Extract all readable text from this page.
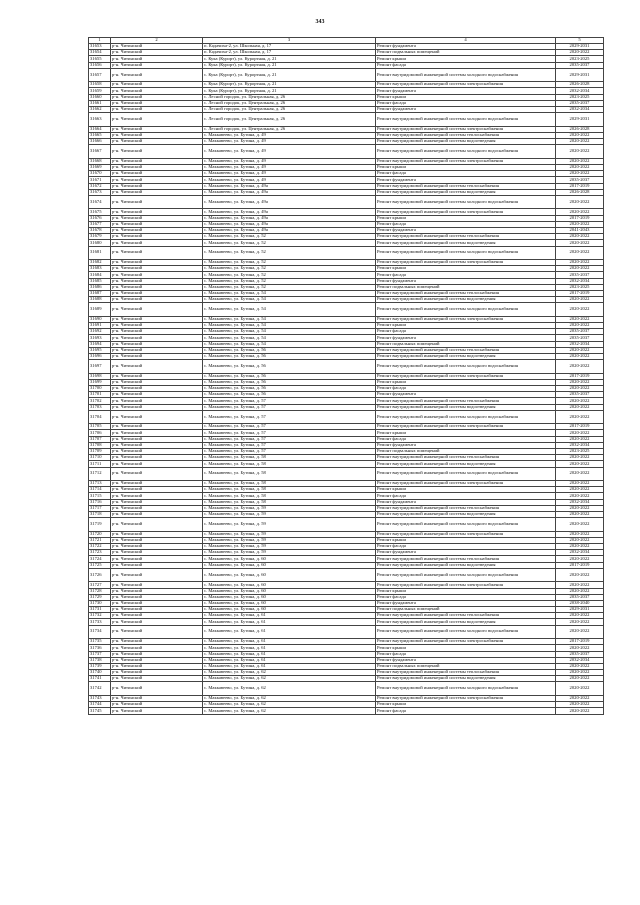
343
1	2	3	4	5
31653	р-н. Читинский	п. Кадачиха-2, ул. Школьная, д. 17	Ремонт фундамента	2029-2031
31654	р-н. Читинский	п. Кадачиха-2, ул. Школьная, д. 17	Ремонт подвальных помещений	2020-2022
31655	р-н. Читинский	с. Кука (Курорт), ул. Курортная, д. 21	Ремонт крыши	2023-2025
31656	р-н. Читинский	с. Кука (Курорт), ул. Курортная, д. 21	Ремонт фасада	2035-2037
31657	р-н. Читинский	с. Кука (Курорт), ул. Курортная, д. 21	Ремонт внутридомовой инженерной системы холодного водоснабжения	2029-2031
31658	р-н. Читинский	с. Кука (Курорт), ул. Курортная, д. 21	Ремонт внутридомовой инженерной системы электроснабжения	2026-2028
31659	р-н. Читинский	с. Кука (Курорт), ул. Курортная, д. 21	Ремонт фундамента	2032-2034
31660	р-н. Читинский	с. Лесной городок, ул. Центральная, д. 26	Ремонт крыши	2023-2025
31661	р-н. Читинский	с. Лесной городок, ул. Центральная, д. 26	Ремонт фасада	2035-2037
31662	р-н. Читинский	с. Лесной городок, ул. Центральная, д. 26	Ремонт фундамента	2032-2034
31663	р-н. Читинский	с. Лесной городок, ул. Центральная, д. 26	Ремонт внутридомовой инженерной системы холодного водоснабжения	2029-2031
31664	р-н. Читинский	с. Лесной городок, ул. Центральная, д. 26	Ремонт внутридомовой инженерной системы электроснабжения	2026-2028
31665	р-н. Читинский	с. Маккавеево, ул. Бутина, д. 49	Ремонт внутридомовой инженерной системы теплоснабжения	2020-2022
31666	р-н. Читинский	с. Маккавеево, ул. Бутина, д. 49	Ремонт внутридомовой инженерной системы водоотведения	2020-2022
31667	р-н. Читинский	с. Маккавеево, ул. Бутина, д. 49	Ремонт внутридомовой инженерной системы холодного водоснабжения	2020-2022
31668	р-н. Читинский	с. Маккавеево, ул. Бутина, д. 49	Ремонт внутридомовой инженерной системы электроснабжения	2020-2022
31669	р-н. Читинский	с. Маккавеево, ул. Бутина, д. 49	Ремонт крыши	2020-2022
31670	р-н. Читинский	с. Маккавеево, ул. Бутина, д. 49	Ремонт фасада	2020-2022
31671	р-н. Читинский	с. Маккавеево, ул. Бутина, д. 49	Ремонт фундамента	2035-2037
31672	р-н. Читинский	с. Маккавеево, ул. Бутина, д. 49а	Ремонт внутридомовой инженерной системы теплоснабжения	2017-2019
31673	р-н. Читинский	с. Маккавеево, ул. Бутина, д. 49а	Ремонт внутридомовой инженерной системы водоотведения	2026-2028
31674	р-н. Читинский	с. Маккавеево, ул. Бутина, д. 49а	Ремонт внутридомовой инженерной системы холодного водоснабжения	2020-2022
31675	р-н. Читинский	с. Маккавеево, ул. Бутина, д. 49а	Ремонт внутридомовой инженерной системы электроснабжения	2020-2022
31676	р-н. Читинский	с. Маккавеево, ул. Бутина, д. 49а	Ремонт крыши	2017-2019
31677	р-н. Читинский	с. Маккавеево, ул. Бутина, д. 49а	Ремонт фасада	2020-2022
31678	р-н. Читинский	с. Маккавеево, ул. Бутина, д. 49а	Ремонт фундамента	2041-2043
31679	р-н. Читинский	с. Маккавеево, ул. Бутина, д. 52	Ремонт внутридомовой инженерной системы теплоснабжения	2020-2022
31680	р-н. Читинский	с. Маккавеево, ул. Бутина, д. 52	Ремонт внутридомовой инженерной системы водоотведения	2020-2022
31681	р-н. Читинский	с. Маккавеево, ул. Бутина, д. 52	Ремонт внутридомовой инженерной системы холодного водоснабжения	2020-2022
31682	р-н. Читинский	с. Маккавеево, ул. Бутина, д. 52	Ремонт внутридомовой инженерной системы электроснабжения	2020-2022
31683	р-н. Читинский	с. Маккавеево, ул. Бутина, д. 52	Ремонт крыши	2020-2022
31684	р-н. Читинский	с. Маккавеево, ул. Бутина, д. 52	Ремонт фасада	2035-2037
31685	р-н. Читинский	с. Маккавеево, ул. Бутина, д. 52	Ремонт фундамента	2032-2034
31686	р-н. Читинский	с. Маккавеево, ул. Бутина, д. 52	Ремонт подвальных помещений	2023-2025
31687	р-н. Читинский	с. Маккавеево, ул. Бутина, д. 54	Ремонт внутридомовой инженерной системы теплоснабжения	2017-2019
31688	р-н. Читинский	с. Маккавеево, ул. Бутина, д. 54	Ремонт внутридомовой инженерной системы водоотведения	2020-2022
31689	р-н. Читинский	с. Маккавеево, ул. Бутина, д. 54	Ремонт внутридомовой инженерной системы холодного водоснабжения	2020-2022
31690	р-н. Читинский	с. Маккавеево, ул. Бутина, д. 54	Ремонт внутридомовой инженерной системы электроснабжения	2020-2022
31691	р-н. Читинский	с. Маккавеево, ул. Бутина, д. 54	Ремонт крыши	2020-2022
31692	р-н. Читинский	с. Маккавеево, ул. Бутина, д. 54	Ремонт фасада	2035-2037
31693	р-н. Читинский	с. Маккавеево, ул. Бутина, д. 54	Ремонт фундамента	2035-2037
31694	р-н. Читинский	с. Маккавеево, ул. Бутина, д. 54	Ремонт подвальных помещений	2032-2034
31695	р-н. Читинский	с. Маккавеево, ул. Бутина, д. 56	Ремонт внутридомовой инженерной системы теплоснабжения	2020-2022
31696	р-н. Читинский	с. Маккавеево, ул. Бутина, д. 56	Ремонт внутридомовой инженерной системы водоотведения	2020-2022
31697	р-н. Читинский	с. Маккавеево, ул. Бутина, д. 56	Ремонт внутридомовой инженерной системы холодного водоснабжения	2020-2022
31698	р-н. Читинский	с. Маккавеево, ул. Бутина, д. 56	Ремонт внутридомовой инженерной системы электроснабжения	2017-2019
31699	р-н. Читинский	с. Маккавеево, ул. Бутина, д. 56	Ремонт крыши	2020-2022
31700	р-н. Читинский	с. Маккавеево, ул. Бутина, д. 56	Ремонт фасада	2020-2022
31701	р-н. Читинский	с. Маккавеево, ул. Бутина, д. 56	Ремонт фундамента	2035-2037
31702	р-н. Читинский	с. Маккавеево, ул. Бутина, д. 57	Ремонт внутридомовой инженерной системы теплоснабжения	2020-2022
31703	р-н. Читинский	с. Маккавеево, ул. Бутина, д. 57	Ремонт внутридомовой инженерной системы водоотведения	2020-2022
31704	р-н. Читинский	с. Маккавеево, ул. Бутина, д. 57	Ремонт внутридомовой инженерной системы холодного водоснабжения	2020-2022
31705	р-н. Читинский	с. Маккавеево, ул. Бутина, д. 57	Ремонт внутридомовой инженерной системы электроснабжения	2017-2019
31706	р-н. Читинский	с. Маккавеево, ул. Бутина, д. 57	Ремонт крыши	2020-2022
31707	р-н. Читинский	с. Маккавеево, ул. Бутина, д. 57	Ремонт фасада	2020-2022
31708	р-н. Читинский	с. Маккавеево, ул. Бутина, д. 57	Ремонт фундамента	2032-2034
31709	р-н. Читинский	с. Маккавеево, ул. Бутина, д. 57	Ремонт подвальных помещений	2023-2025
31710	р-н. Читинский	с. Маккавеево, ул. Бутина, д. 58	Ремонт внутридомовой инженерной системы теплоснабжения	2020-2022
31711	р-н. Читинский	с. Маккавеево, ул. Бутина, д. 58	Ремонт внутридомовой инженерной системы водоотведения	2020-2022
31712	р-н. Читинский	с. Маккавеево, ул. Бутина, д. 58	Ремонт внутридомовой инженерной системы холодного водоснабжения	2020-2022
31713	р-н. Читинский	с. Маккавеево, ул. Бутина, д. 58	Ремонт внутридомовой инженерной системы электроснабжения	2020-2022
31714	р-н. Читинский	с. Маккавеево, ул. Бутина, д. 58	Ремонт крыши	2020-2022
31715	р-н. Читинский	с. Маккавеево, ул. Бутина, д. 58	Ремонт фасада	2020-2022
31716	р-н. Читинский	с. Маккавеево, ул. Бутина, д. 58	Ремонт фундамента	2032-2034
31717	р-н. Читинский	с. Маккавеево, ул. Бутина, д. 59	Ремонт внутридомовой инженерной системы теплоснабжения	2020-2022
31718	р-н. Читинский	с. Маккавеево, ул. Бутина, д. 59	Ремонт внутридомовой инженерной системы водоотведения	2020-2022
31719	р-н. Читинский	с. Маккавеево, ул. Бутина, д. 59	Ремонт внутридомовой инженерной системы холодного водоснабжения	2020-2022
31720	р-н. Читинский	с. Маккавеево, ул. Бутина, д. 59	Ремонт внутридомовой инженерной системы электроснабжения	2020-2022
31721	р-н. Читинский	с. Маккавеево, ул. Бутина, д. 59	Ремонт крыши	2020-2022
31722	р-н. Читинский	с. Маккавеево, ул. Бутина, д. 59	Ремонт фасада	2020-2022
31723	р-н. Читинский	с. Маккавеево, ул. Бутина, д. 59	Ремонт фундамента	2032-2034
31724	р-н. Читинский	с. Маккавеево, ул. Бутина, д. 60	Ремонт внутридомовой инженерной системы теплоснабжения	2020-2022
31725	р-н. Читинский	с. Маккавеево, ул. Бутина, д. 60	Ремонт внутридомовой инженерной системы водоотведения	2017-2019
31726	р-н. Читинский	с. Маккавеево, ул. Бутина, д. 60	Ремонт внутридомовой инженерной системы холодного водоснабжения	2020-2022
31727	р-н. Читинский	с. Маккавеево, ул. Бутина, д. 60	Ремонт внутридомовой инженерной системы электроснабжения	2020-2022
31728	р-н. Читинский	с. Маккавеево, ул. Бутина, д. 60	Ремонт крыши	2020-2022
31729	р-н. Читинский	с. Маккавеево, ул. Бутина, д. 60	Ремонт фасада	2035-2037
31730	р-н. Читинский	с. Маккавеево, ул. Бутина, д. 60	Ремонт фундамента	2038-2040
31731	р-н. Читинский	с. Маккавеево, ул. Бутина, д. 60	Ремонт подвальных помещений	2029-2031
31732	р-н. Читинский	с. Маккавеево, ул. Бутина, д. 61	Ремонт внутридомовой инженерной системы теплоснабжения	2020-2022
31733	р-н. Читинский	с. Маккавеево, ул. Бутина, д. 61	Ремонт внутридомовой инженерной системы водоотведения	2020-2022
31734	р-н. Читинский	с. Маккавеево, ул. Бутина, д. 61	Ремонт внутридомовой инженерной системы холодного водоснабжения	2020-2022
31735	р-н. Читинский	с. Маккавеево, ул. Бутина, д. 61	Ремонт внутридомовой инженерной системы электроснабжения	2017-2019
31736	р-н. Читинский	с. Маккавеево, ул. Бутина, д. 61	Ремонт крыши	2020-2022
31737	р-н. Читинский	с. Маккавеево, ул. Бутина, д. 61	Ремонт фасада	2035-2037
31738	р-н. Читинский	с. Маккавеево, ул. Бутина, д. 61	Ремонт фундамента	2032-2034
31739	р-н. Читинский	с. Маккавеево, ул. Бутина, д. 61	Ремонт подвальных помещений	2020-2022
31740	р-н. Читинский	с. Маккавеево, ул. Бутина, д. 62	Ремонт внутридомовой инженерной системы теплоснабжения	2020-2022
31741	р-н. Читинский	с. Маккавеево, ул. Бутина, д. 62	Ремонт внутридомовой инженерной системы водоотведения	2020-2022
31742	р-н. Читинский	с. Маккавеево, ул. Бутина, д. 62	Ремонт внутридомовой инженерной системы холодного водоснабжения	2020-2022
31743	р-н. Читинский	с. Маккавеево, ул. Бутина, д. 62	Ремонт внутридомовой инженерной системы электроснабжения	2020-2022
31744	р-н. Читинский	с. Маккавеево, ул. Бутина, д. 62	Ремонт крыши	2020-2022
31745	р-н. Читинский	с. Маккавеево, ул. Бутина, д. 62	Ремонт фасада	2020-2022
